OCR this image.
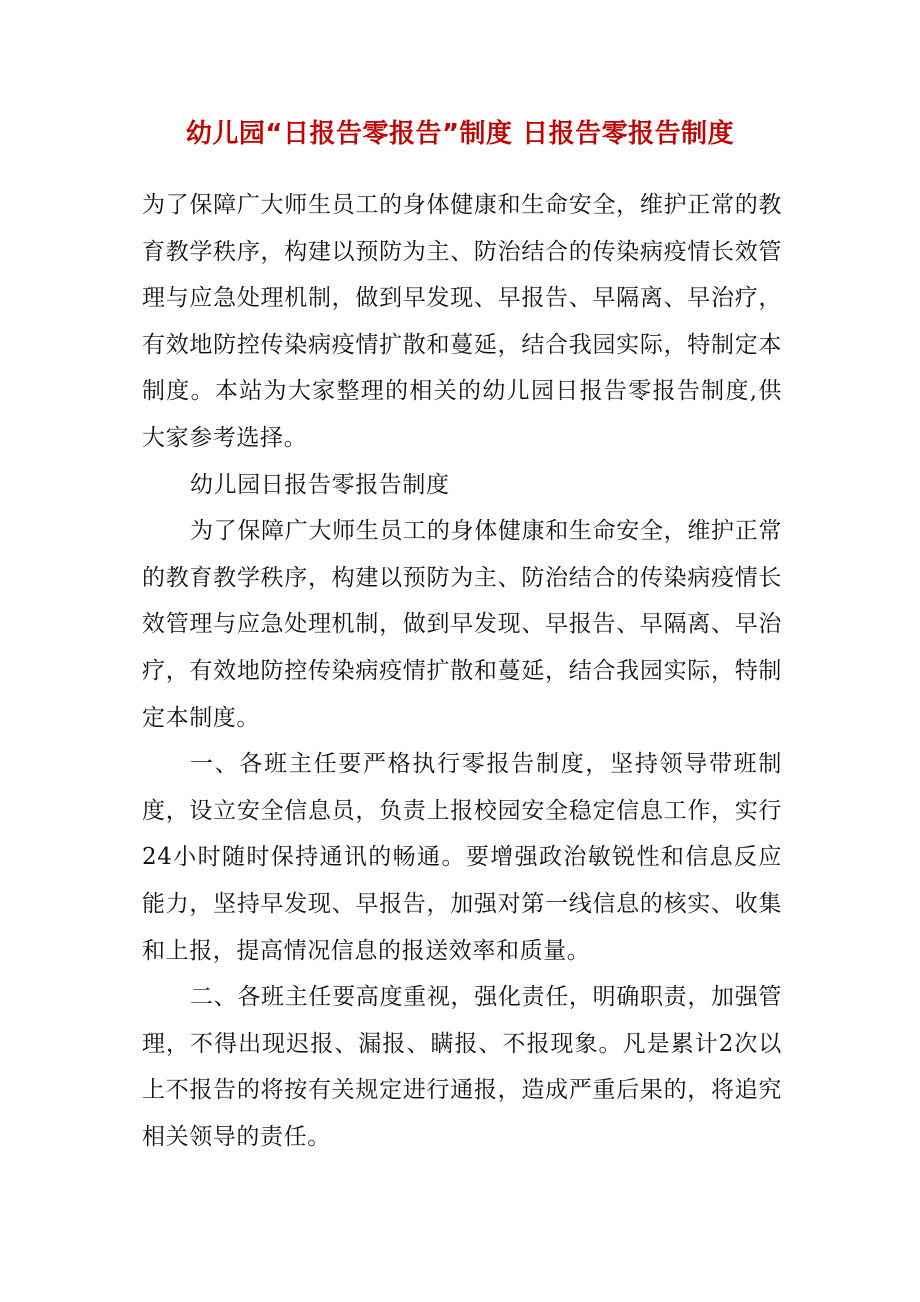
幼儿园“日报告零报告”制度 日报告零报告制度

为了保障广大师生员工的身体健康和生命安全，维护正常的教育教学秩序，构建以预防为主、防治结合的传染病疫情长效管理与应急处理机制，做到早发现、早报告、早隔离、早治疗，有效地防控传染病疫情扩散和蔓延，结合我园实际，特制定本制度。本站为大家整理的相关的幼儿园日报告零报告制度,供大家参考选择。

幼儿园日报告零报告制度

为了保障广大师生员工的身体健康和生命安全，维护正常的教育教学秩序，构建以预防为主、防治结合的传染病疫情长效管理与应急处理机制，做到早发现、早报告、早隔离、早治疗，有效地防控传染病疫情扩散和蔓延，结合我园实际，特制定本制度。

一、各班主任要严格执行零报告制度，坚持领导带班制度，设立安全信息员，负责上报校园安全稳定信息工作，实行24小时随时保持通讯的畅通。要增强政治敏锐性和信息反应能力，坚持早发现、早报告，加强对第一线信息的核实、收集和上报，提高情况信息的报送效率和质量。

二、各班主任要高度重视，强化责任，明确职责，加强管理，不得出现迟报、漏报、瞒报、不报现象。凡是累计2次以上不报告的将按有关规定进行通报，造成严重后果的，将追究相关领导的责任。
